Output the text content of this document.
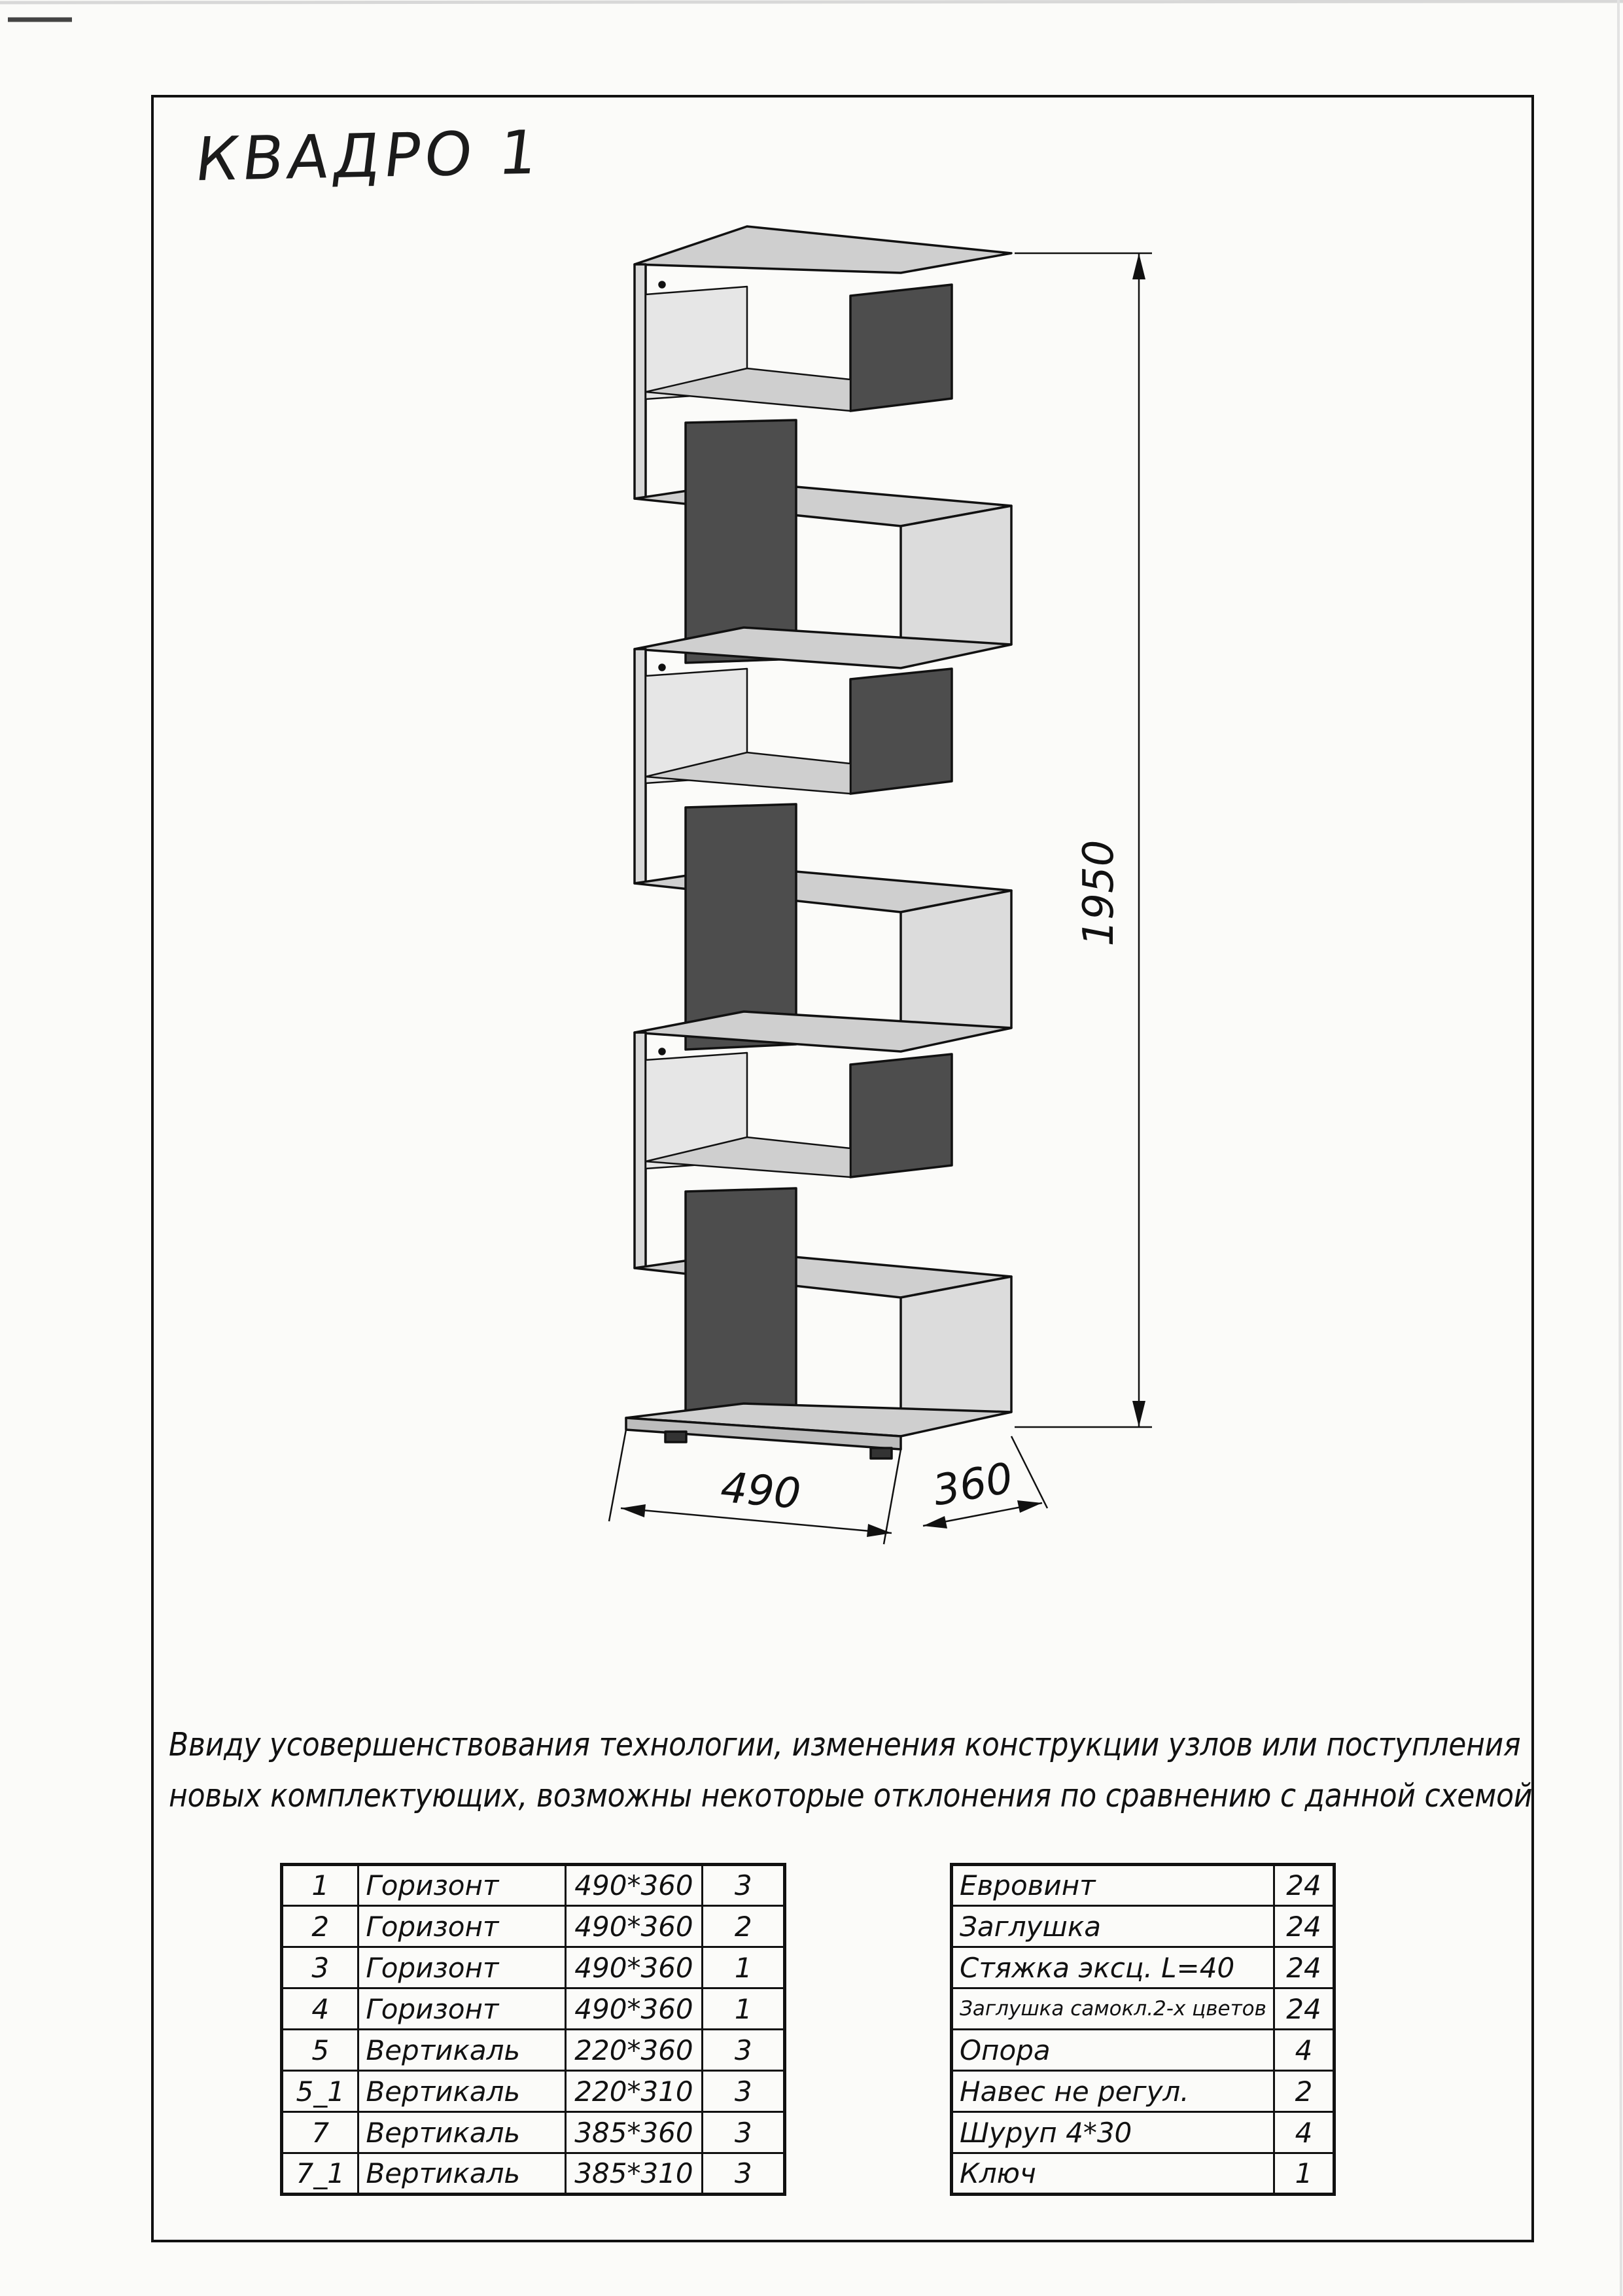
КВАДРО 1
1950
490	360
Ввиду усовершенствования технологии, изменения конструкции узлов или поступления
новых комплектующих, возможны некоторые отклонения по сравнению с данной схемой
1	Горизонт	490*360	3
2	Горизонт	490*360	2
3	Горизонт	490*360	1
4	Горизонт	490*360	1
5	Вертикаль	220*360	3
5_1	Вертикаль	220*310	3
7	Вертикаль	385*360	3
7_1	Вертикаль	385*310	3
Евровинт	24
Заглушка	24
Стяжка эксц. L=40	24
Заглушка самокл.2-х цветов	24
Опора	4
Навес не регул.	2
Шуруп 4*30	4
Ключ	1
